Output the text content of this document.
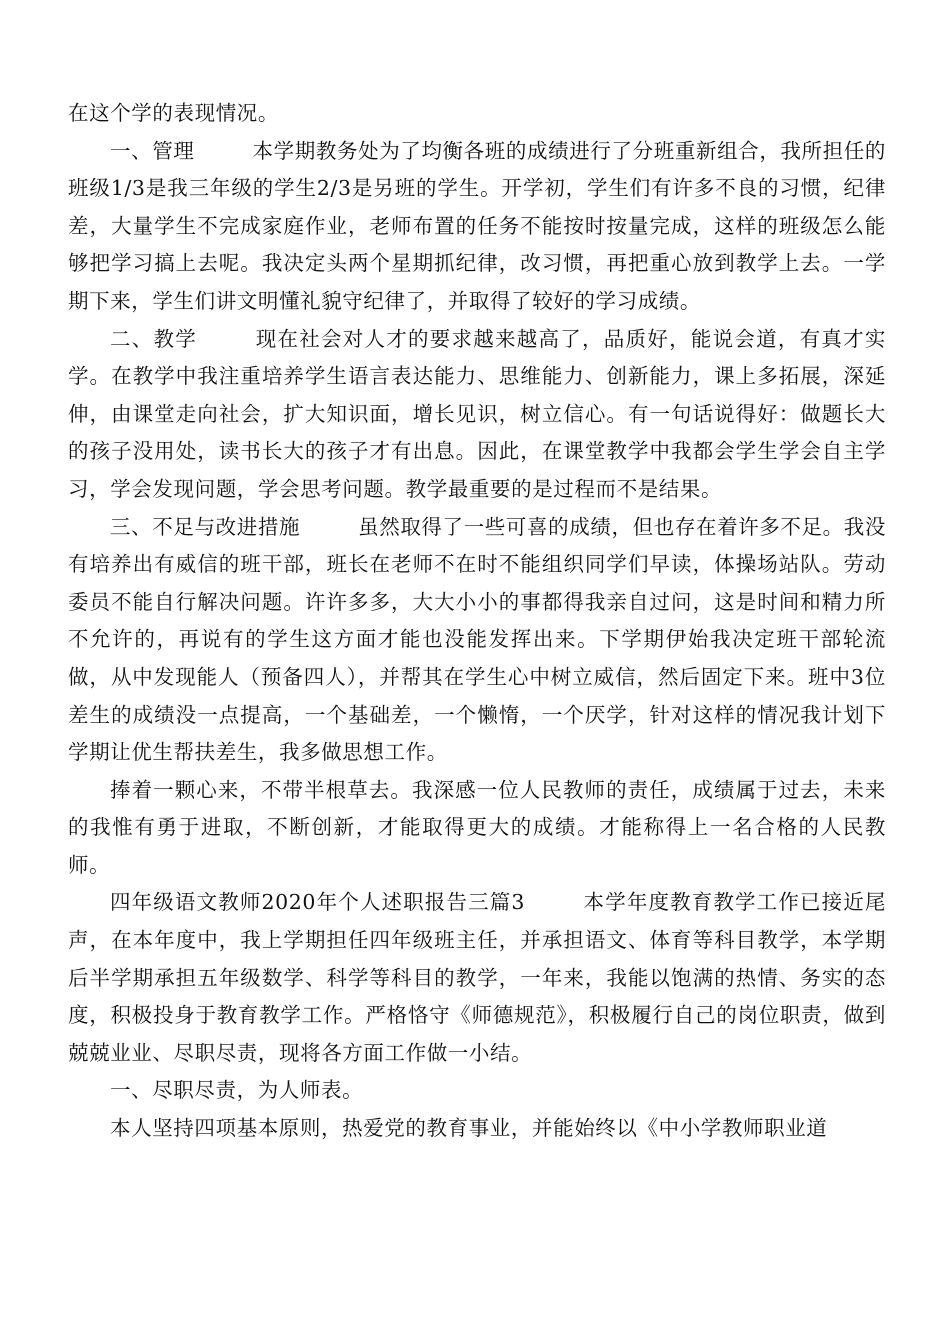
在这个学的表现情况。

一、管理	本学期教务处为了均衡各班的成绩进行了分班重新组合，我所担任的班级1/3是我三年级的学生2/3是另班的学生。开学初，学生们有许多不良的习惯，纪律差，大量学生不完成家庭作业，老师布置的任务不能按时按量完成，这样的班级怎么能够把学习搞上去呢。我决定头两个星期抓纪律，改习惯，再把重心放到教学上去。一学期下来，学生们讲文明懂礼貌守纪律了，并取得了较好的学习成绩。

二、教学	现在社会对人才的要求越来越高了，品质好，能说会道，有真才实学。在教学中我注重培养学生语言表达能力、思维能力、创新能力，课上多拓展，深延伸，由课堂走向社会，扩大知识面，增长见识，树立信心。有一句话说得好：做题长大的孩子没用处，读书长大的孩子才有出息。因此，在课堂教学中我都会学生学会自主学习，学会发现问题，学会思考问题。教学最重要的是过程而不是结果。

三、不足与改进措施	虽然取得了一些可喜的成绩，但也存在着许多不足。我没有培养出有威信的班干部，班长在老师不在时不能组织同学们早读，体操场站队。劳动委员不能自行解决问题。许许多多，大大小小的事都得我亲自过问，这是时间和精力所不允许的，再说有的学生这方面才能也没能发挥出来。下学期伊始我决定班干部轮流做，从中发现能人（预备四人），并帮其在学生心中树立威信，然后固定下来。班中3位差生的成绩没一点提高，一个基础差，一个懒惰，一个厌学，针对这样的情况我计划下学期让优生帮扶差生，我多做思想工作。

捧着一颗心来，不带半根草去。我深感一位人民教师的责任，成绩属于过去，未来的我惟有勇于进取，不断创新，才能取得更大的成绩。才能称得上一名合格的人民教师。

四年级语文教师2020年个人述职报告三篇3	本学年度教育教学工作已接近尾声，在本年度中，我上学期担任四年级班主任，并承担语文、体育等科目教学，本学期后半学期承担五年级数学、科学等科目的教学，一年来，我能以饱满的热情、务实的态度，积极投身于教育教学工作。严格恪守《师德规范》，积极履行自己的岗位职责，做到兢兢业业、尽职尽责，现将各方面工作做一小结。

一、尽职尽责，为人师表。

本人坚持四项基本原则，热爱党的教育事业，并能始终以《中小学教师职业道
